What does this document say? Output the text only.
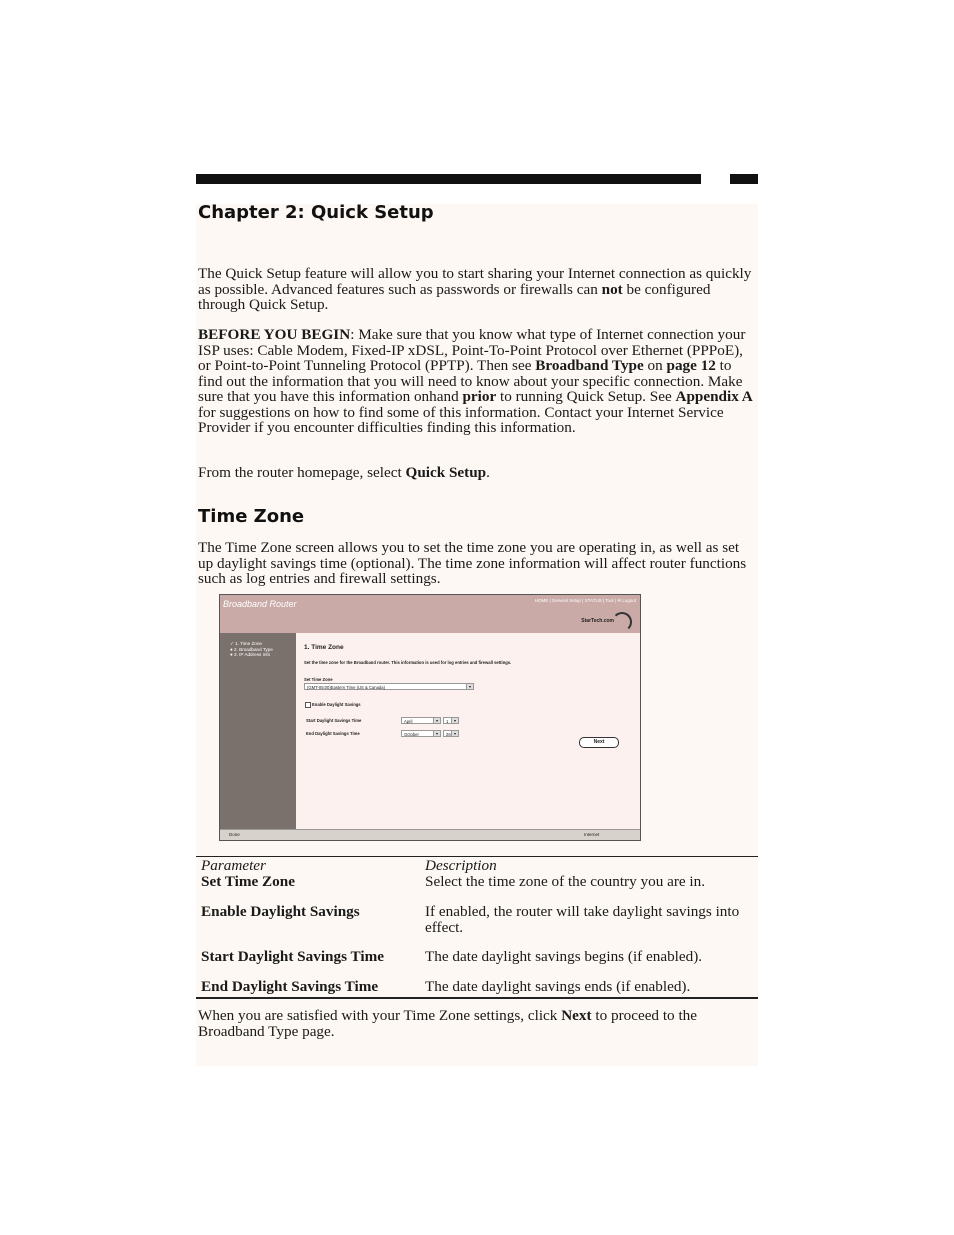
Chapter 2: Quick Setup

The Quick Setup feature will allow you to start sharing your Internet connection as quickly as possible. Advanced features such as passwords or firewalls can not be configured through Quick Setup.

BEFORE YOU BEGIN: Make sure that you know what type of Internet connection your ISP uses: Cable Modem, Fixed-IP xDSL, Point-To-Point Protocol over Ethernet (PPPoE), or Point-to-Point Tunneling Protocol (PPTP). Then see Broadband Type on page 12 to find out the information that you will need to know about your specific connection. Make sure that you have this information onhand prior to running Quick Setup. See Appendix A for suggestions on how to find some of this information. Contact your Internet Service Provider if you encounter difficulties finding this information.

From the router homepage, select Quick Setup.

Time Zone

The Time Zone screen allows you to set the time zone you are operating in, as well as set up daylight savings time (optional). The time zone information will affect router functions such as log entries and firewall settings.

Broadband Router	HOME | General Setup | STATUS | Tool | ✇ Logout
StarTech.com
✓ 1. Time Zone
● 2. Broadband Type
● 3. IP Address Info
1. Time Zone
Set the time zone for the Broadband router. This information is used for log entries and firewall settings.
Set Time Zone
(GMT-05:00)Eastern Time (US & Canada)	▾
Enable Daylight Savings
Start Daylight Savings Time	April	▾	1	▾
End Daylight Savings Time	October	▾	26 ▾
Next
Done	Internet
Parameter	Description
Set Time Zone	Select the time zone of the country you are in.
Enable Daylight Savings	If enabled, the router will take daylight savings into effect.
Start Daylight Savings Time	The date daylight savings begins (if enabled).
End Daylight Savings Time	The date daylight savings ends (if enabled).

When you are satisfied with your Time Zone settings, click Next to proceed to the Broadband Type page.
